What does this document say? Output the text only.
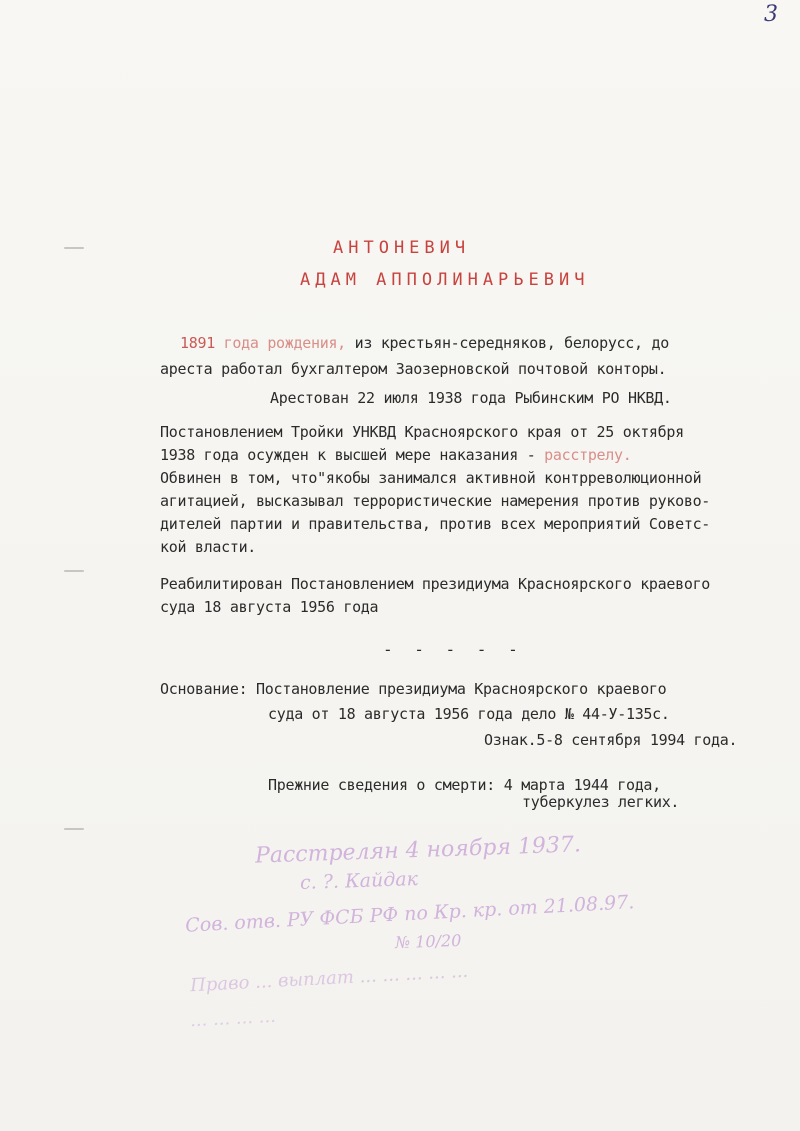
3
АНТОНЕВИЧ
АДАМ АППОЛИНАРЬЕВИЧ
1891 года рождения, из крестьян-середняков, белорусс, до
ареста работал бухгалтером Заозерновской почтовой конторы.
Арестован 22 июля 1938 года Рыбинским РО НКВД.
Постановлением Тройки УНКВД Красноярского края от 25 октября
1938 года осужден к высшей мере наказания - расстрелу.
Обвинен в том, что"якобы занимался активной контрреволюционной
агитацией, высказывал террористические намерения против руково-
дителей партии и правительства, против всех мероприятий Советс-
кой власти.
Реабилитирован Постановлением президиума Красноярского краевого
суда 18 августа 1956 года
- - - - -
Основание: Постановление президиума Красноярского краевого
суда от 18 августа 1956 года дело № 44-У-135с.
Ознак.5-8 сентября 1994 года.
Прежние сведения о смерти: 4 марта 1944 года,
туберкулез легких.
Расстрелян 4 ноября 1937.
с. ?. Кайдак
Сов. отв. РУ ФСБ РФ по Кр. кр. от 21.08.97.
№ 10/20
Право ... выплат ... ... ... ... ...
... ... ... ...
